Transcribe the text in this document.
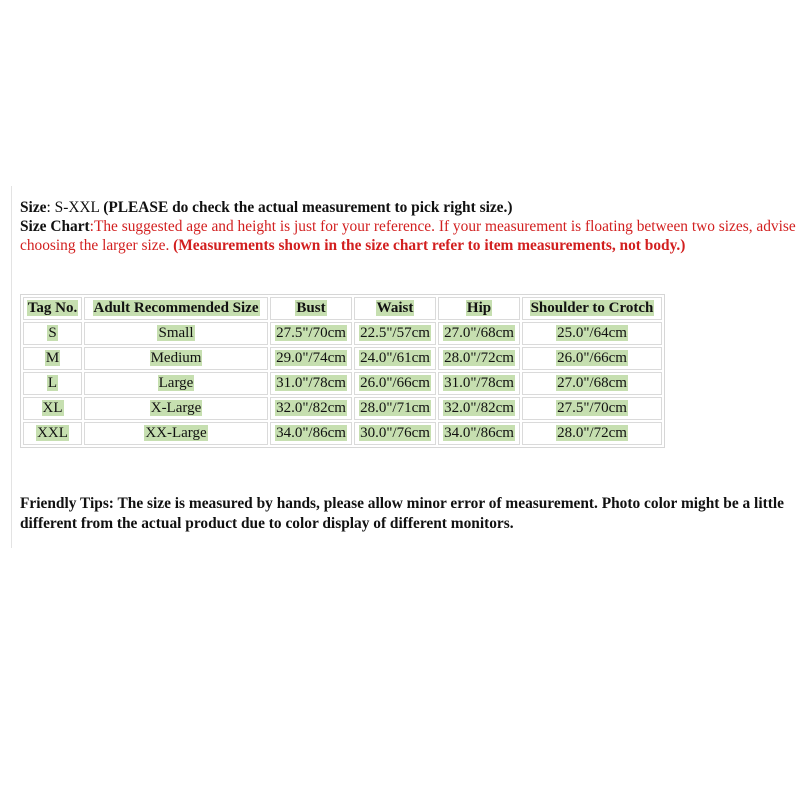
Size: S-XXL (PLEASE do check the actual measurement to pick right size.)

Size Chart:The suggested age and height is just for your reference. If your measurement is floating between two sizes, advise choosing the larger size. (Measurements shown in the size chart refer to item measurements, not body.)

Tag No.	Adult Recommended Size	Bust	Waist	Hip	Shoulder to Crotch
S	Small	27.5"/70cm	22.5"/57cm	27.0"/68cm	25.0"/64cm
M	Medium	29.0"/74cm	24.0"/61cm	28.0"/72cm	26.0"/66cm
L	Large	31.0"/78cm	26.0"/66cm	31.0"/78cm	27.0"/68cm
XL	X-Large	32.0"/82cm	28.0"/71cm	32.0"/82cm	27.5"/70cm
XXL	XX-Large	34.0"/86cm	30.0"/76cm	34.0"/86cm	28.0"/72cm

Friendly Tips: The size is measured by hands, please allow minor error of measurement. Photo color might be a little different from the actual product due to color display of different monitors.
